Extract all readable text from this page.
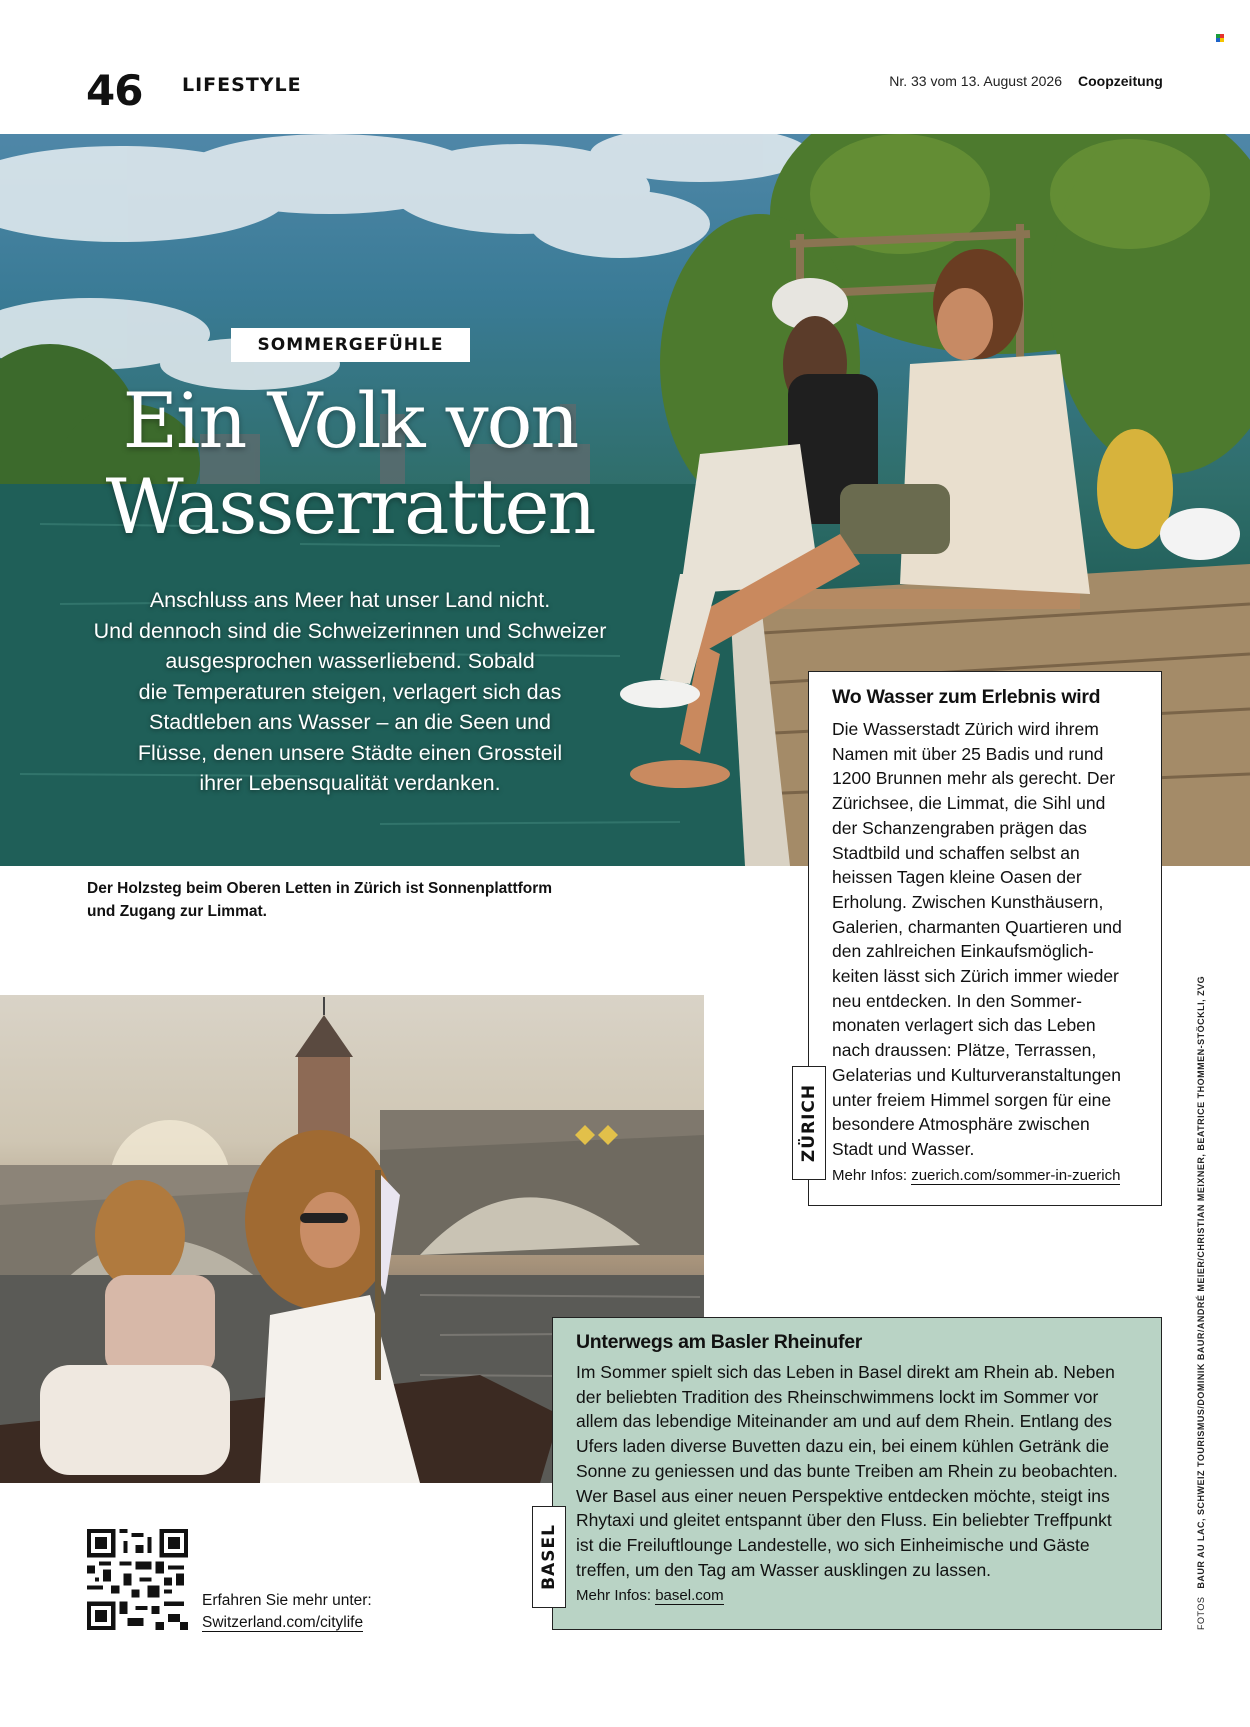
46 LIFESTYLE	Nr. 33 vom 13. August 2026 Coopzeitung
SOMMERGEFÜHLE
Ein Volk von
Wasserratten
Anschluss ans Meer hat unser Land nicht.
Und dennoch sind die Schweizerinnen und Schweizer
ausgesprochen wasserliebend. Sobald
die Temperaturen steigen, verlagert sich das
Stadtleben ans Wasser – an die Seen und
Flüsse, denen unsere Städte einen Grossteil
ihrer Lebensqualität verdanken.
Der Holzsteg beim Oberen Letten in Zürich ist Sonnenplattform
und Zugang zur Limmat.
Wo Wasser zum Erlebnis wird

Die Wasserstadt Zürich wird ihrem
Namen mit über 25 Badis und rund
1200 Brunnen mehr als gerecht. Der
Zürichsee, die Limmat, die Sihl und
der Schanzengraben prägen das
Stadtbild und schaffen selbst an
heissen Tagen kleine Oasen der
Erholung. Zwischen Kunsthäusern,
Galerien, charmanten Quartieren und
den zahlreichen Einkaufsmöglich-
keiten lässt sich Zürich immer wieder
neu entdecken. In den Sommer-
monaten verlagert sich das Leben
nach draussen: Plätze, Terrassen,
Gelaterias und Kulturveranstaltungen
unter freiem Himmel sorgen für eine
besondere Atmosphäre zwischen
Stadt und Wasser.

Mehr Infos: zuerich.com/sommer-in-zuerich
ZÜRICH
Unterwegs am Basler Rheinufer

Im Sommer spielt sich das Leben in Basel direkt am Rhein ab. Neben
der beliebten Tradition des Rheinschwimmens lockt im Sommer vor
allem das lebendige Miteinander am und auf dem Rhein. Entlang des
Ufers laden diverse Buvetten dazu ein, bei einem kühlen Getränk die
Sonne zu geniessen und das bunte Treiben am Rhein zu beobachten.
Wer Basel aus einer neuen Perspektive entdecken möchte, steigt ins
Rhytaxi und gleitet entspannt über den Fluss. Ein beliebter Treffpunkt
ist die Freiluftlounge Landestelle, wo sich Einheimische und Gäste
treffen, um den Tag am Wasser ausklingen zu lassen.

Mehr Infos: basel.com
BASEL
Erfahren Sie mehr unter:
Switzerland.com/citylife	FOTOSBAUR AU LAC, SCHWEIZ TOURISMUS/DOMINIK BAUR/ANDRÉ MEIER/CHRISTIAN MEIXNER, BEATRICE THOMMEN-STÖCKLI, ZVG
